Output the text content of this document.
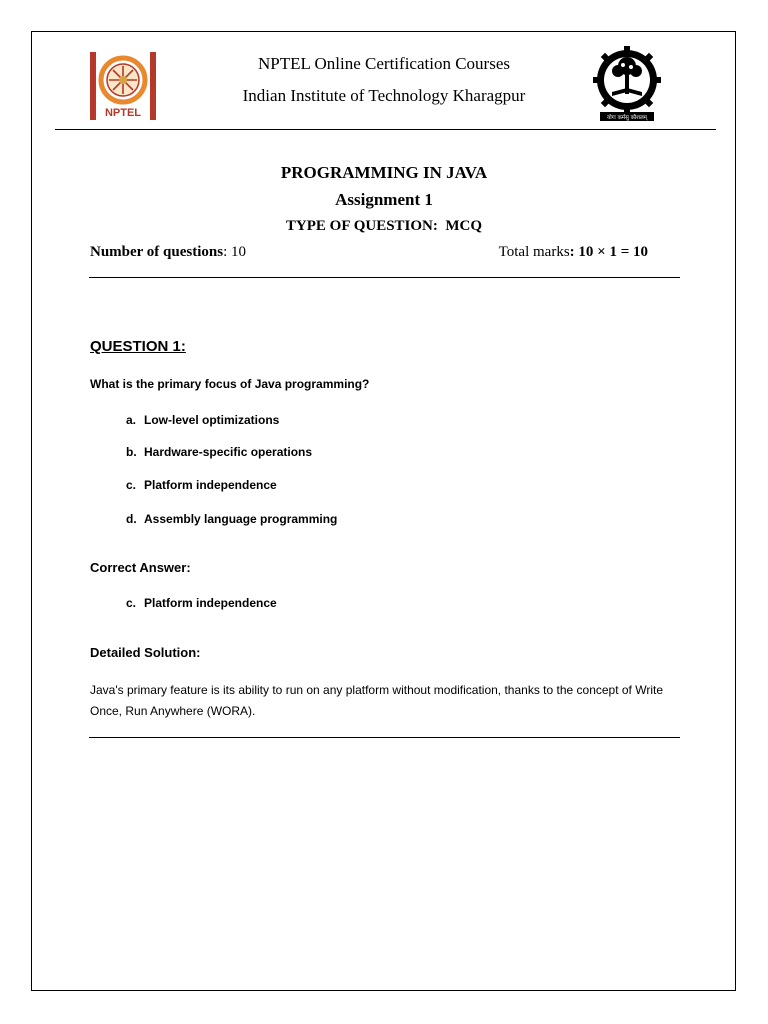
NPTEL
NPTEL Online Certification Courses
Indian Institute of Technology Kharagpur
योगः कर्मसु कौशलम्
PROGRAMMING IN JAVA
Assignment 1
TYPE OF QUESTION: MCQ
Number of questions: 10	Total marks: 10 × 1 = 10
QUESTION 1:
What is the primary focus of Java programming?
a. Low-level optimizations
b. Hardware-specific operations
c. Platform independence
d. Assembly language programming
Correct Answer:
c. Platform independence
Detailed Solution:
Java's primary feature is its ability to run on any platform without modification, thanks to the concept of Write Once, Run Anywhere (WORA).
